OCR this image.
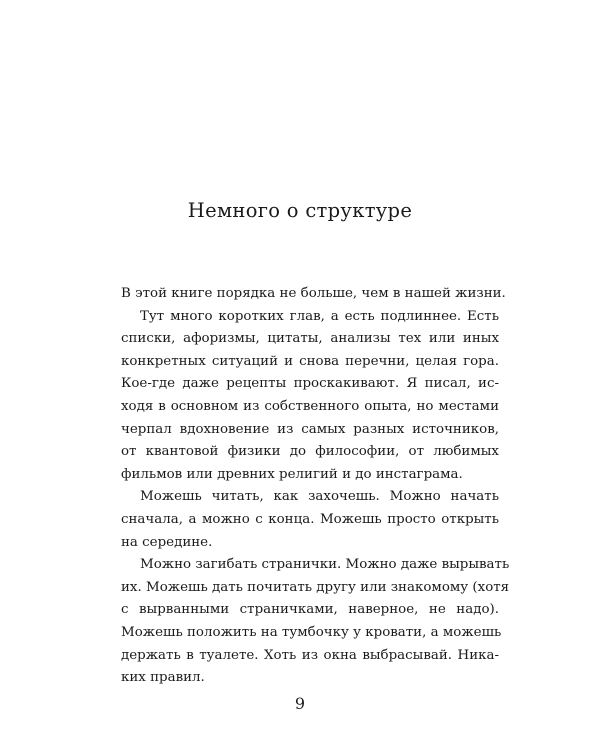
Немного о структуре
В этой книге порядка не больше, чем в нашей жизни.
Тут много коротких глав, а есть подлиннее. Есть
списки, афоризмы, цитаты, анализы тех или иных
конкретных ситуаций и снова перечни, целая гора.
Кое-где даже рецепты проскакивают. Я писал, ис-
ходя в основном из собственного опыта, но местами
черпал вдохновение из самых разных источников,
от квантовой физики до философии, от любимых
фильмов или древних религий и до инстаграма.
Можешь читать, как захочешь. Можно начать
сначала, а можно с конца. Можешь просто открыть
на середине.
Можно загибать странички. Можно даже вырывать
их. Можешь дать почитать другу или знакомому (хотя
с вырванными страничками, наверное, не надо).
Можешь положить на тумбочку у кровати, а можешь
держать в туалете. Хоть из окна выбрасывай. Ника-
ких правил.
9
